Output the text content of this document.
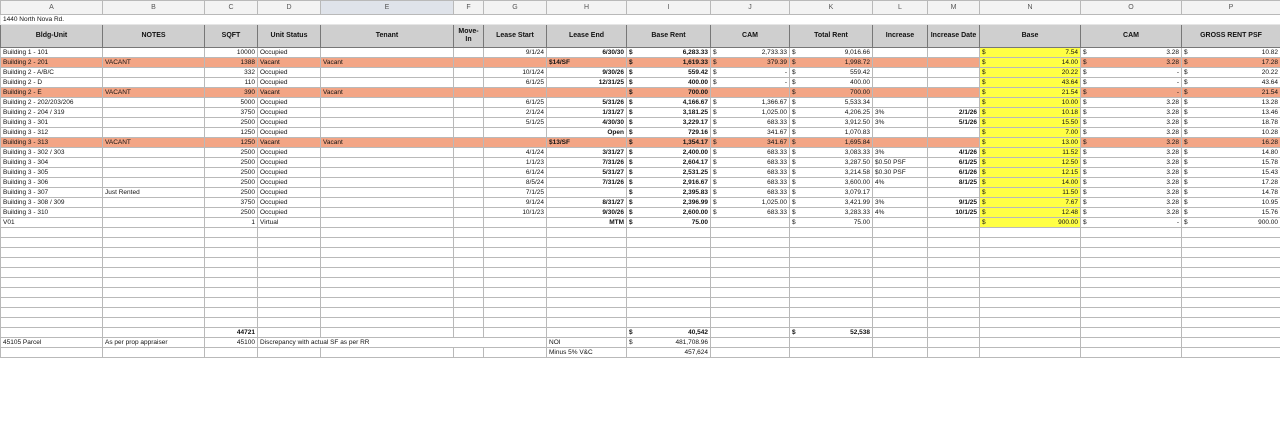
A	B	C	D	E	F	G	H	I	J	K	L	M	N	O	P
1440 North Nova Rd.															
Bldg-Unit	NOTES	SQFT	Unit Status	Tenant	Move-In	Lease Start	Lease End	Base Rent	CAM	Total Rent	Increase	Increase Date	Base	CAM	GROSS RENT PSF
Building 1 - 101		10000	Occupied			9/1/24	6/30/30	$ 6,283.33	$ 2,733.33	$ 9,016.66			$ 7.54	$ 3.28	$ 10.82
Building 2 - 201	VACANT	1388	Vacant	Vacant			$14/SF	$ 1,619.33	$ 379.39	$ 1,998.72			$ 14.00	$ 3.28	$ 17.28
Building 2 - A/B/C		332	Occupied			10/1/24	9/30/26	$ 559.42	$ -	$ 559.42			$ 20.22	$ -	$ 20.22
Building 2 - D		110	Occupied			6/1/25	12/31/25	$ 400.00	$ -	$ 400.00			$ 43.64	$ -	$ 43.64
Building 2 - E	VACANT	390	Vacant	Vacant				$ 700.00		$ 700.00			$ 21.54	$ -	$ 21.54
Building 2 - 202/203/206		5000	Occupied			6/1/25	5/31/26	$ 4,166.67	$ 1,366.67	$ 5,533.34			$ 10.00	$ 3.28	$ 13.28
Building 2 - 204 / 319		3750	Occupied			2/1/24	1/31/27	$ 3,181.25	$ 1,025.00	$ 4,206.25	3%	2/1/26	$ 10.18	$ 3.28	$ 13.46
Building 3 - 301		2500	Occupied			5/1/25	4/30/30	$ 3,229.17	$ 683.33	$ 3,912.50	3%	5/1/26	$ 15.50	$ 3.28	$ 18.78
Building 3 - 312		1250	Occupied				Open	$ 729.16	$ 341.67	$ 1,070.83			$ 7.00	$ 3.28	$ 10.28
Building 3 - 313	VACANT	1250	Vacant	Vacant			$13/SF	$ 1,354.17	$ 341.67	$ 1,695.84			$ 13.00	$ 3.28	$ 16.28
Building 3 - 302 / 303		2500	Occupied			4/1/24	3/31/27	$ 2,400.00	$ 683.33	$ 3,083.33	3%	4/1/26	$ 11.52	$ 3.28	$ 14.80
Building 3 - 304		2500	Occupied			1/1/23	7/31/26	$ 2,604.17	$ 683.33	$ 3,287.50	$0.50 PSF	6/1/25	$ 12.50	$ 3.28	$ 15.78
Building 3 - 305		2500	Occupied			6/1/24	5/31/27	$ 2,531.25	$ 683.33	$ 3,214.58	$0.30 PSF	6/1/26	$ 12.15	$ 3.28	$ 15.43
Building 3 - 306		2500	Occupied			8/5/24	7/31/26	$ 2,916.67	$ 683.33	$ 3,600.00	4%	8/1/25	$ 14.00	$ 3.28	$ 17.28
Building 3 - 307	Just Rented	2500	Occupied			7/1/25		$ 2,395.83	$ 683.33	$ 3,079.17			$ 11.50	$ 3.28	$ 14.78
Building 3 - 308 / 309		3750	Occupied			9/1/24	8/31/27	$ 2,396.99	$ 1,025.00	$ 3,421.99	3%	9/1/25	$ 7.67	$ 3.28	$ 10.95
Building 3 - 310		2500	Occupied			10/1/23	9/30/26	$ 2,600.00	$ 683.33	$ 3,283.33	4%	10/1/25	$ 12.48	$ 3.28	$ 15.76
V01		1	Virtual				MTM	$ 75.00		$ 75.00			$ 900.00	$ -	$ 900.00

		44721						$ 40,542		$ 52,538					
45105 Parcel	As per prop appraiser	45100	Discrepancy with actual SF as per RR				NOI	$ 481,708.96							
							Minus 5% V&C	457,624							
